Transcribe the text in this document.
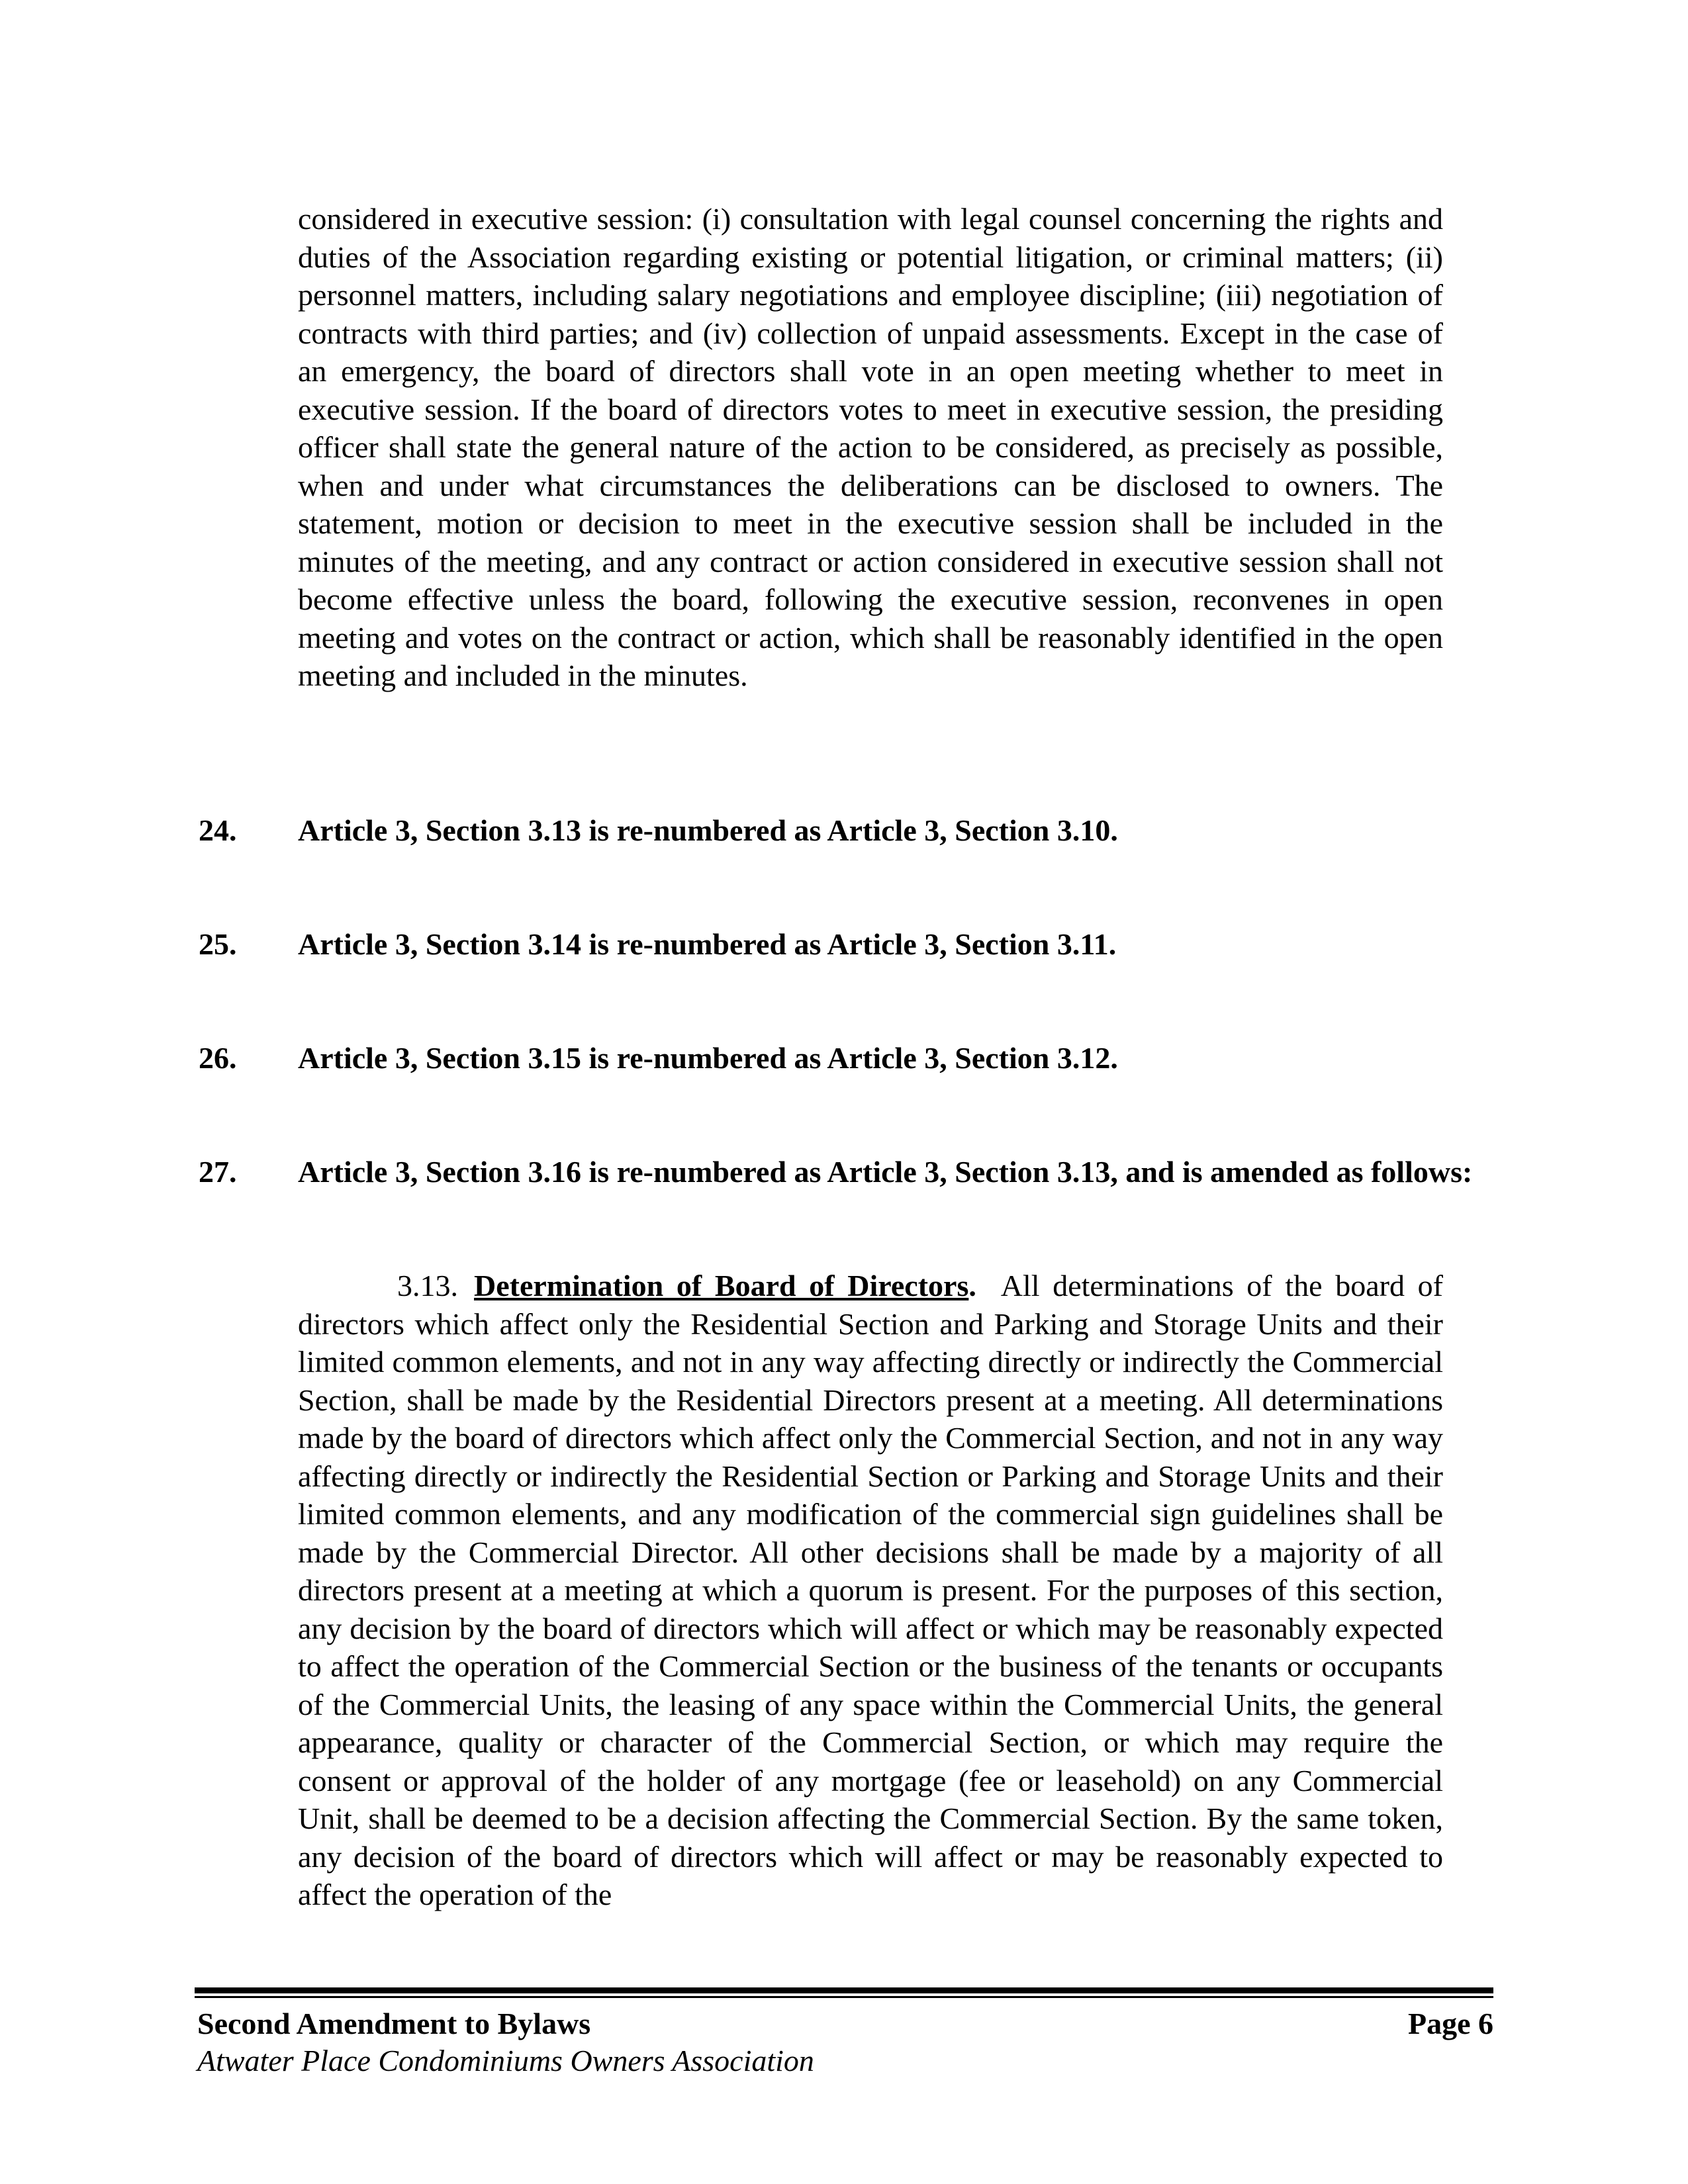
considered in executive session: (i) consultation with legal counsel concerning the rights and duties of the Association regarding existing or potential litigation, or criminal matters; (ii) personnel matters, including salary negotiations and employee discipline; (iii) negotiation of contracts with third parties; and (iv) collection of unpaid assessments. Except in the case of an emergency, the board of directors shall vote in an open meeting whether to meet in executive session. If the board of directors votes to meet in executive session, the presiding officer shall state the general nature of the action to be considered, as precisely as possible, when and under what circumstances the deliberations can be disclosed to owners. The statement, motion or decision to meet in the executive session shall be included in the minutes of the meeting, and any contract or action considered in executive session shall not become effective unless the board, following the executive session, reconvenes in open meeting and votes on the contract or action, which shall be reasonably identified in the open meeting and included in the minutes.

24. Article 3, Section 3.13 is re-numbered as Article 3, Section 3.10.

25. Article 3, Section 3.14 is re-numbered as Article 3, Section 3.11.

26. Article 3, Section 3.15 is re-numbered as Article 3, Section 3.12.

27. Article 3, Section 3.16 is re-numbered as Article 3, Section 3.13, and is amended as follows:

3.13. Determination of Board of Directors. All determinations of the board of directors which affect only the Residential Section and Parking and Storage Units and their limited common elements, and not in any way affecting directly or indirectly the Commercial Section, shall be made by the Residential Directors present at a meeting. All determinations made by the board of directors which affect only the Commercial Section, and not in any way affecting directly or indirectly the Residential Section or Parking and Storage Units and their limited common elements, and any modification of the commercial sign guidelines shall be made by the Commercial Director. All other decisions shall be made by a majority of all directors present at a meeting at which a quorum is present. For the purposes of this section, any decision by the board of directors which will affect or which may be reasonably expected to affect the operation of the Commercial Section or the business of the tenants or occupants of the Commercial Units, the leasing of any space within the Commercial Units, the general appearance, quality or character of the Commercial Section, or which may require the consent or approval of the holder of any mortgage (fee or leasehold) on any Commercial Unit, shall be deemed to be a decision affecting the Commercial Section. By the same token, any decision of the board of directors which will affect or may be reasonably expected to affect the operation of the

Second Amendment to Bylaws	Page 6
Atwater Place Condominiums Owners Association
